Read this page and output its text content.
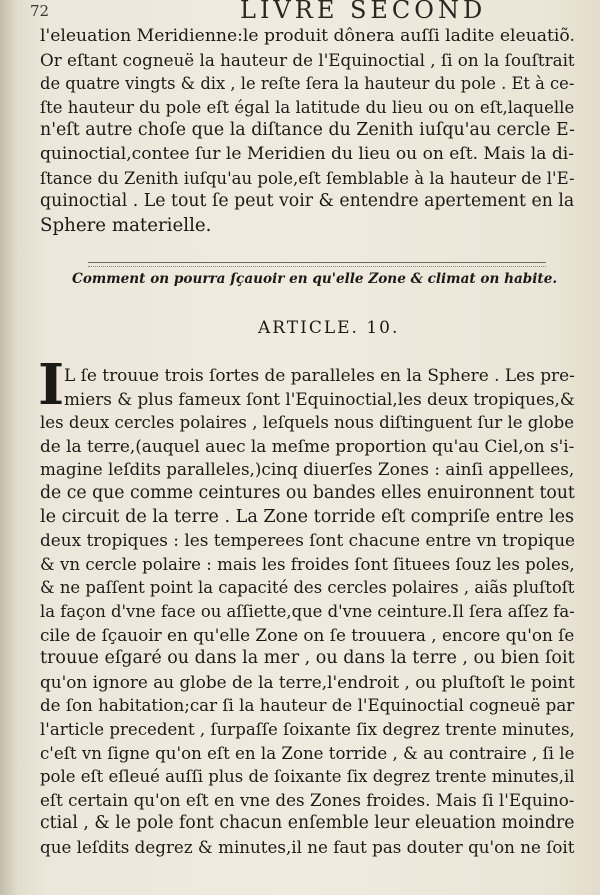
72	LIVRE SECOND
l'eleuation Meridienne:le produit dônera auſſi ladite eleuatiõ.
Or eſtant cogneuë la hauteur de l'Equinoctial , ſi on la ſouſtrait
de quatre vingts & dix , le reſte ſera la hauteur du pole . Et à ce-
ſte hauteur du pole eſt égal la latitude du lieu ou on eſt,laquelle
n'eſt autre choſe que la diſtance du Zenith iuſqu'au cercle E-
quinoctial,contee ſur le Meridien du lieu ou on eſt. Mais la di-
ſtance du Zenith iuſqu'au pole,eſt ſemblable à la hauteur de l'E-
quinoctial . Le tout ſe peut voir & entendre apertement en la
Sphere materielle.
Comment on pourra ſçauoir en qu'elle Zone & climat on habite.
ARTICLE. 10.
I L ſe trouue trois ſortes de paralleles en la Sphere . Les pre-
miers & plus fameux ſont l'Equinoctial,les deux tropiques,&
les deux cercles polaires , leſquels nous diſtinguent ſur le globe
de la terre,(auquel auec la meſme proportion qu'au Ciel,on s'i-
magine leſdits paralleles,)cinq diuerſes Zones : ainſi appellees,
de ce que comme ceintures ou bandes elles enuironnent tout
le circuit de la terre . La Zone torride eſt compriſe entre les
deux tropiques : les temperees ſont chacune entre vn tropique
& vn cercle polaire : mais les froides ſont ſituees ſouz les poles,
& ne paſſent point la capacité des cercles polaires , aiãs pluſtoſt
la façon d'vne face ou aſſiette,que d'vne ceinture.Il ſera aſſez fa-
cile de ſçauoir en qu'elle Zone on ſe trouuera , encore qu'on ſe
trouue eſgaré ou dans la mer , ou dans la terre , ou bien ſoit
qu'on ignore au globe de la terre,l'endroit , ou pluſtoſt le point
de ſon habitation;car ſi la hauteur de l'Equinoctial cogneuë par
l'article precedent , ſurpaſſe ſoixante ſix degrez trente minutes,
c'eſt vn ſigne qu'on eſt en la Zone torride , & au contraire , ſi le
pole eſt eſleué auſſi plus de ſoixante ſix degrez trente minutes,il
eſt certain qu'on eſt en vne des Zones froides. Mais ſi l'Equino-
ctial , & le pole font chacun enſemble leur eleuation moindre
que leſdits degrez & minutes,il ne faut pas douter qu'on ne ſoit
